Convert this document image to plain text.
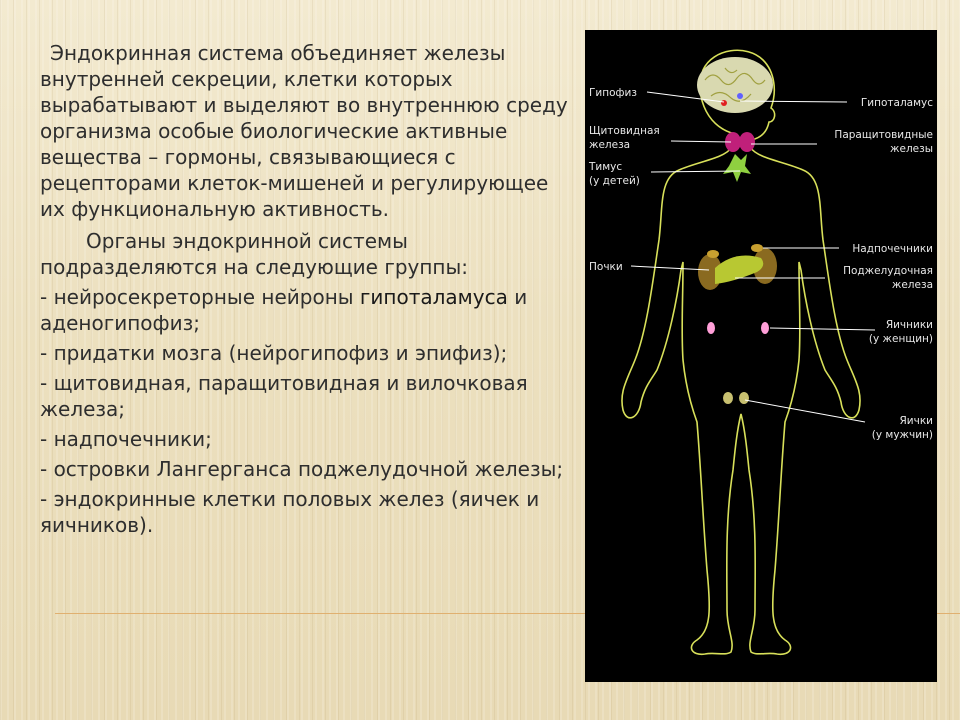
Эндокринная система объединяет железы внутренней секреции, клетки которых вырабатывают и выделяют во внутреннюю среду организма особые биологические активные вещества – гормоны, связывающиеся с рецепторами клеток-мишеней и регулирующее их функциональную активность.

Органы эндокринной системы подразделяются на следующие группы:

- нейросекреторные нейроны гипоталамуса и аденогипофиз;
- придатки мозга (нейрогипофиз и эпифиз);
- щитовидная, паращитовидная и вилочковая железа;
- надпочечники;
- островки Лангерганса поджелудочной железы;
- эндокринные клетки половых желез (яичек и яичников).
Гипофиз
Щитовидная
железа
Тимус
(у детей)
Почки
Гипоталамус
Паращитовидные
железы
Надпочечники
Поджелудочная
железа
Яичники
(у женщин)
Яички
(у мужчин)
